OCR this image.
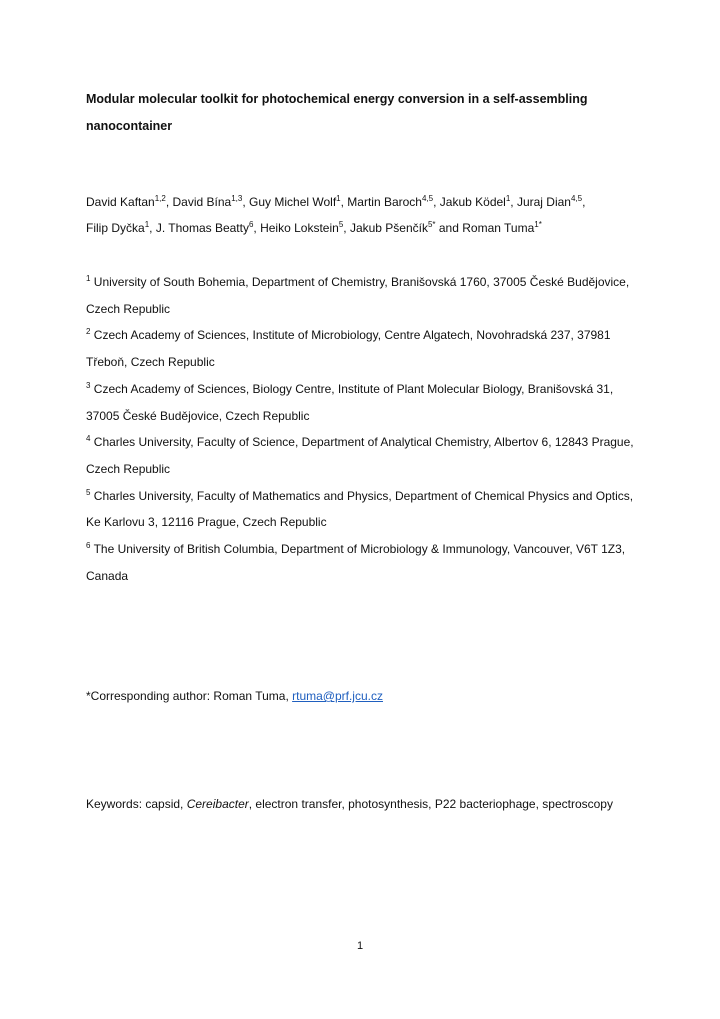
Modular molecular toolkit for photochemical energy conversion in a self-assembling nanocontainer
David Kaftan$^{1,2}$, David Bína$^{1,3}$, Guy Michel Wolf$^1$, Martin Baroch$^{4,5}$, Jakub Ködel$^1$, Juraj Dian$^{4,5}$,
Filip Dyčka$^1$, J. Thomas Beatty$^6$, Heiko Lokstein$^5$, Jakub Pšenčík$^{5*}$ and Roman Tuma$^{1*}$

$^1$ University of South Bohemia, Department of Chemistry, Branišovská 1760, 37005 České Budějovice, Czech Republic

$^2$ Czech Academy of Sciences, Institute of Microbiology, Centre Algatech, Novohradská 237, 37981 Třeboň, Czech Republic

$^3$ Czech Academy of Sciences, Biology Centre, Institute of Plant Molecular Biology, Branišovská 31, 37005 České Budějovice, Czech Republic

$^4$ Charles University, Faculty of Science, Department of Analytical Chemistry, Albertov 6, 12843 Prague, Czech Republic

$^5$ Charles University, Faculty of Mathematics and Physics, Department of Chemical Physics and Optics, Ke Karlovu 3, 12116 Prague, Czech Republic

$^6$ The University of British Columbia, Department of Microbiology & Immunology, Vancouver, V6T 1Z3, Canada

*Corresponding author: Roman Tuma, rtuma@prf.jcu.cz
Keywords: capsid, Cereibacter, electron transfer, photosynthesis, P22 bacteriophage, spectroscopy
1
